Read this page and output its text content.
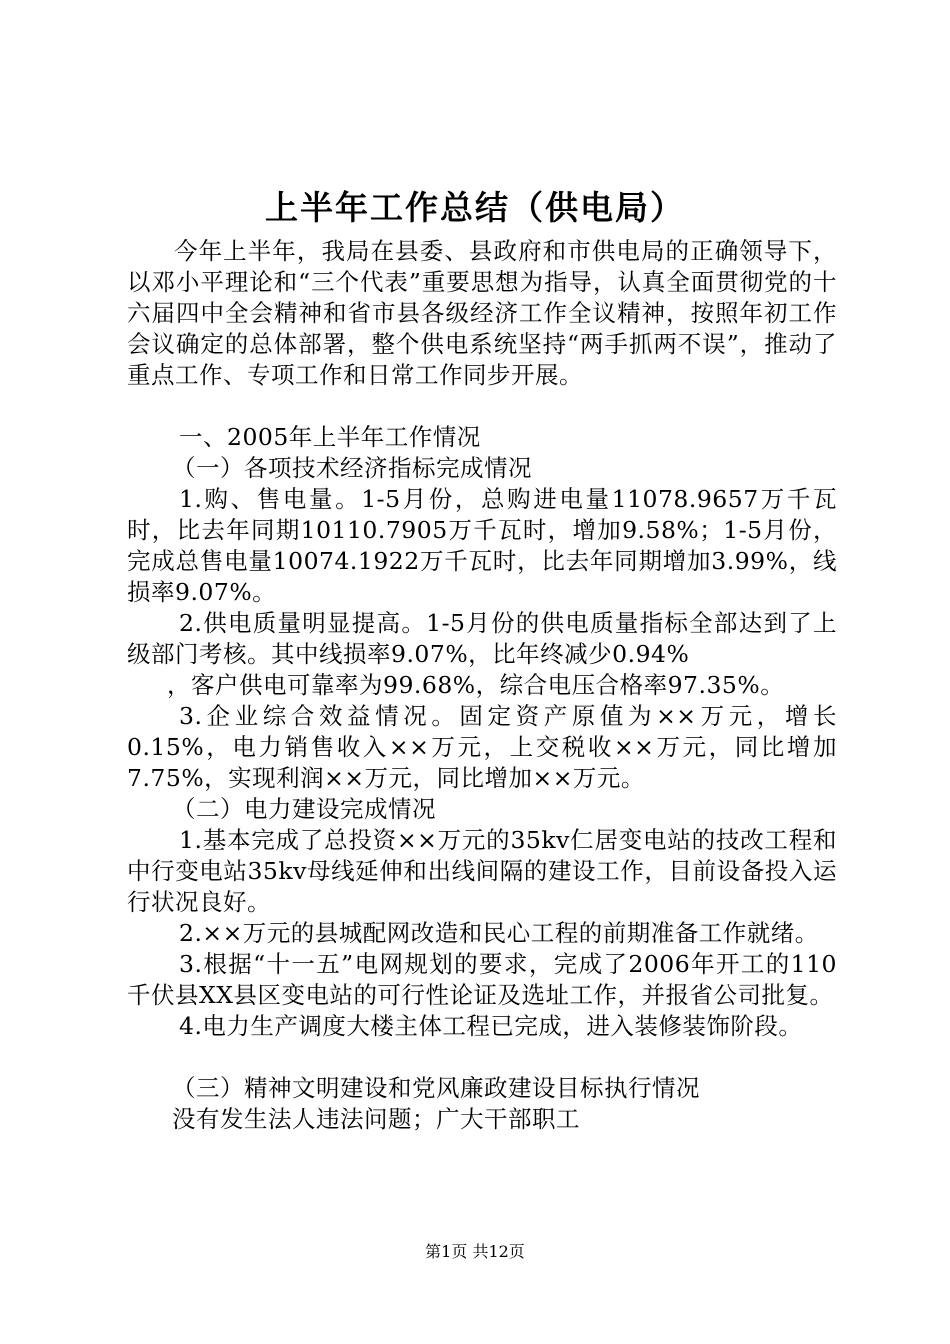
上半年工作总结（供电局）

今年上半年，我局在县委、县政府和市供电局的正确领导下，以邓小平理论和“三个代表”重要思想为指导，认真全面贯彻党的十六届四中全会精神和省市县各级经济工作全议精神，按照年初工作会议确定的总体部署，整个供电系统坚持“两手抓两不误”，推动了重点工作、专项工作和日常工作同步开展。

一、2005年上半年工作情况

（一）各项技术经济指标完成情况

1.购、售电量。1-5月份，总购进电量11078.9657万千瓦时，比去年同期10110.7905万千瓦时，增加9.58%；1-5月份，完成总售电量10074.1922万千瓦时，比去年同期增加3.99%，线损率9.07%。

2.供电质量明显提高。1-5月份的供电质量指标全部达到了上级部门考核。其中线损率9.07%，比年终减少0.94%

，客户供电可靠率为99.68%，综合电压合格率97.35%。

3.企业综合效益情况。固定资产原值为××万元，增长0.15%，电力销售收入××万元，上交税收××万元，同比增加7.75%，实现利润××万元，同比增加××万元。

（二）电力建设完成情况

1.基本完成了总投资××万元的35kv仁居变电站的技改工程和中行变电站35kv母线延伸和出线间隔的建设工作，目前设备投入运行状况良好。

2.××万元的县城配网改造和民心工程的前期准备工作就绪。

3.根据“十一五”电网规划的要求，完成了2006年开工的110千伏县XX县区变电站的可行性论证及选址工作，并报省公司批复。

4.电力生产调度大楼主体工程已完成，进入装修装饰阶段。

（三）精神文明建设和党风廉政建设目标执行情况

没有发生法人违法问题；广大干部职工

第1页 共12页
